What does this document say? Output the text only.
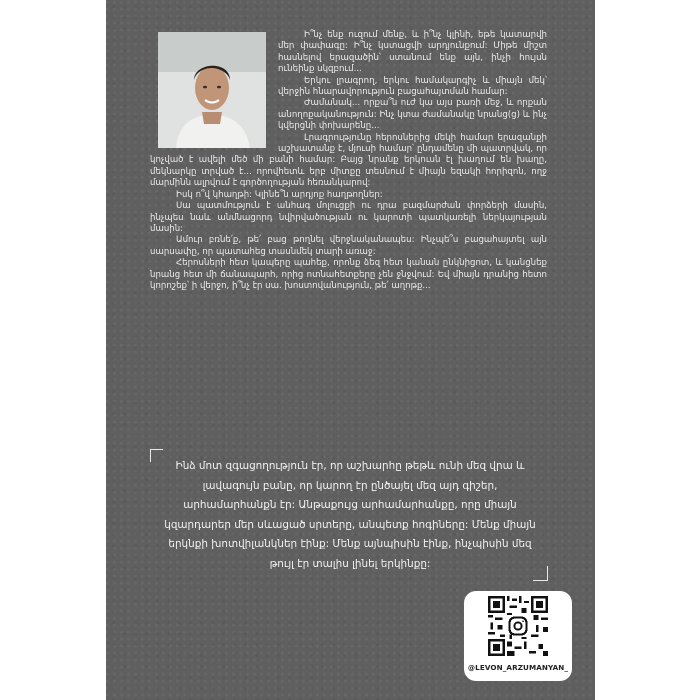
Ի՞նչ ենք ուզում մենք, և ի՞նչ կլինի, եթե կատարվի մեր փափագը: Ի՞նչ կստացվի արդյունքում: Միթե միշտ հասնելով երազածին՝ ստանում ենք այն, ինչի հույսն ունեինք սկզբում...

Երկու լրագրող, երկու համակարգիչ և միայն մեկ՝ վերջին հնարավորություն բացահայտման համար:

Ժամանակ... որքա՞ն ուժ կա այս բառի մեջ, և որքան անողոքականություն: Ինչ կտա ժամանակը նրանց(ց) և ինչ կվերցնի փոխարենը...

Լրագրությունը հերոսներից մեկի համար երազանքի աշխատանք է, մյուսի համար՝ ընդամենը մի պատրվակ, որ կոչված է ավելի մեծ մի բանի համար: Բայց նրանք երկուսն էլ խաղում են խաղը, մեկնարկը տրված է... որովհետև երբ միտքը տեսնում է միայն եզակի հորիզոն, ողջ մարմինն ալրվում է գործողության հեռանկարով:

Իսկ ո՞վ կհաղթի: Կլինե՞ն արդյոք հաղթողներ:

Սա պատմություն է անհագ մոլուցքի ու դրա բազմարժան փորձերի մասին, ինչպես նաև անմնացորդ նվիրվածության ու կարոտի պատկառելի ներկայության մասին:

Ամուր բռնե՛ք, թե՛ բաց թողնել վերջնականապես: Ինչպե՞ս բացահայտել այն սարսափը, որ պատահեց տասնմեկ տարի առաջ:

Հերոսների հետ կապերը պահեք, որոնք ձեզ հետ կանան ընկնիցոտ, և կանցնեք նրանց հետ մի ճանապարհ, որից ոտնահետքերը չեն ջնջվում: Եվ միայն դրանից հետո կորոշեք՝ ի վերջո, ի՞նչ էր սա. խոստովանություն, թե՛ աղոթք...

Ինձ մոտ զգացողություն էր, որ աշխարհը թեթև ունի մեզ վրա և լավագույն բանը, որ կարող էր ընծայել մեզ այդ գիշեր, արհամարհանքն էր: Անթաքույց արհամարհանքը, որը միայն կզարդարեր մեր սևացած սրտերը, անպետք հոգիները: Մենք միայն երկնքի խոտվիլանկներ էինք: Մենք այնպիսին էինք, ինչպիսին մեզ թույլ էր տալիս լինել երկինքը:
@LEVON_ARZUMANYAN_
